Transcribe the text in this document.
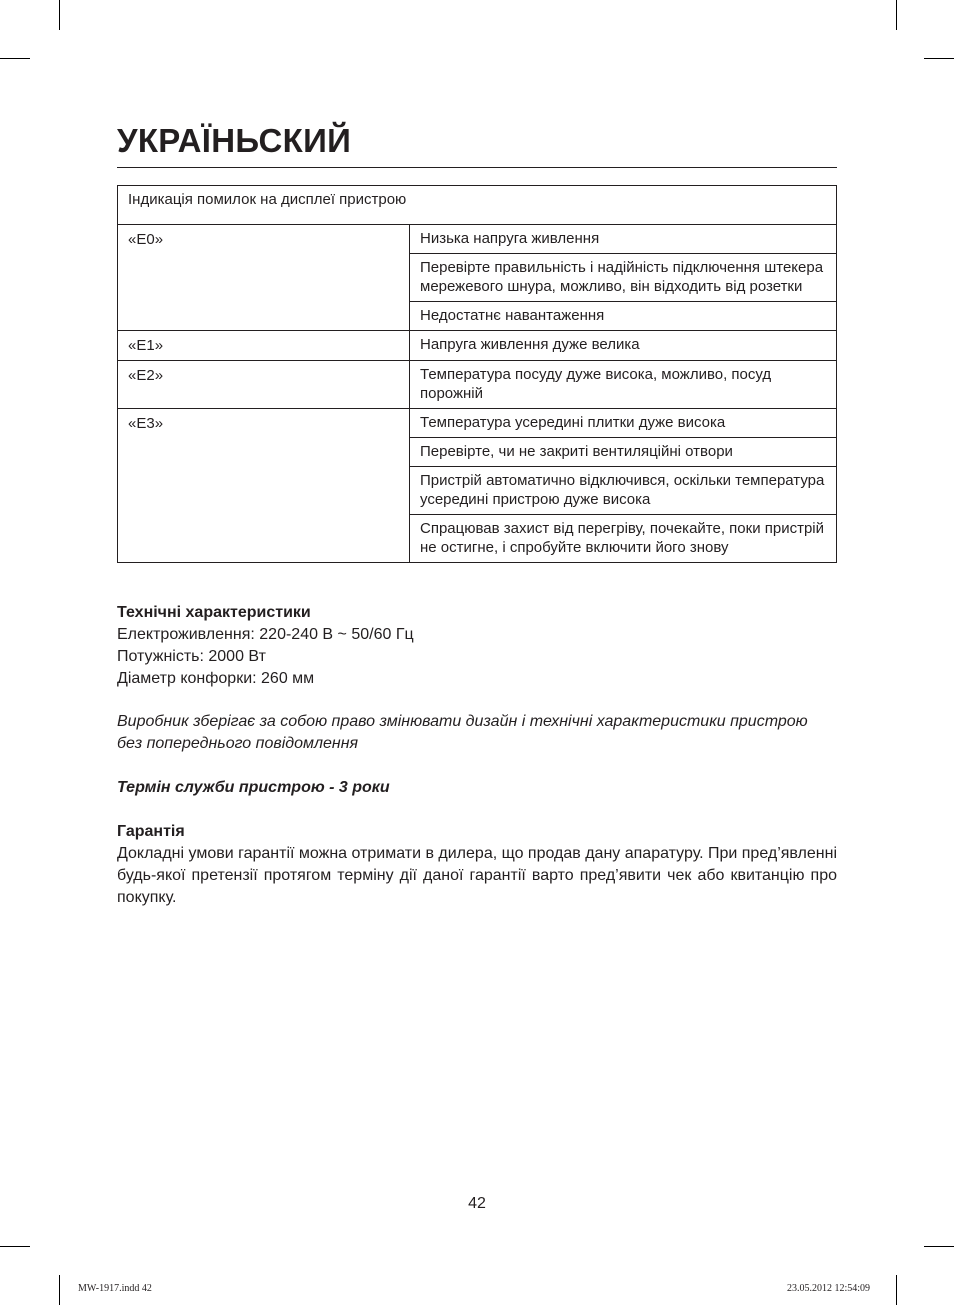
УКРАЇНЬСКИЙ
Індикація помилок на дисплеї пристрою	
«E0»	Низька напруга живлення
	Перевірте правильність і надійність підключення штекера мережевого шнура, можливо, він відходить від розетки
	Недостатнє навантаження
«E1»	Напруга живлення дуже велика
«E2»	Температура посуду дуже висока, можливо, посуд порожній
«E3»	Температура усередині плитки дуже висока
	Перевірте, чи не закриті вентиляційні отвори
	Пристрій автоматично відключився, оскільки температура усередині пристрою дуже висока
	Спрацював захист від перегріву, почекайте, поки пристрій не остигне, і спробуйте включити його знову
Технічні характеристики
Електроживлення: 220-240 В ~ 50/60 Гц
Потужність: 2000 Вт
Діаметр конфорки: 260 мм
Виробник зберігає за собою право змінювати дизайн і технічні характеристики пристрою без попереднього повідомлення
Термін служби пристрою - 3 роки
Гарантія
Докладні умови гарантії можна отримати в дилера, що продав дану апаратуру. При пред’явленні будь-якої претензії протягом терміну дії даної гарантії варто пред’явити чек або квитанцію про покупку.
42
MW-1917.indd 42	23.05.2012 12:54:09
